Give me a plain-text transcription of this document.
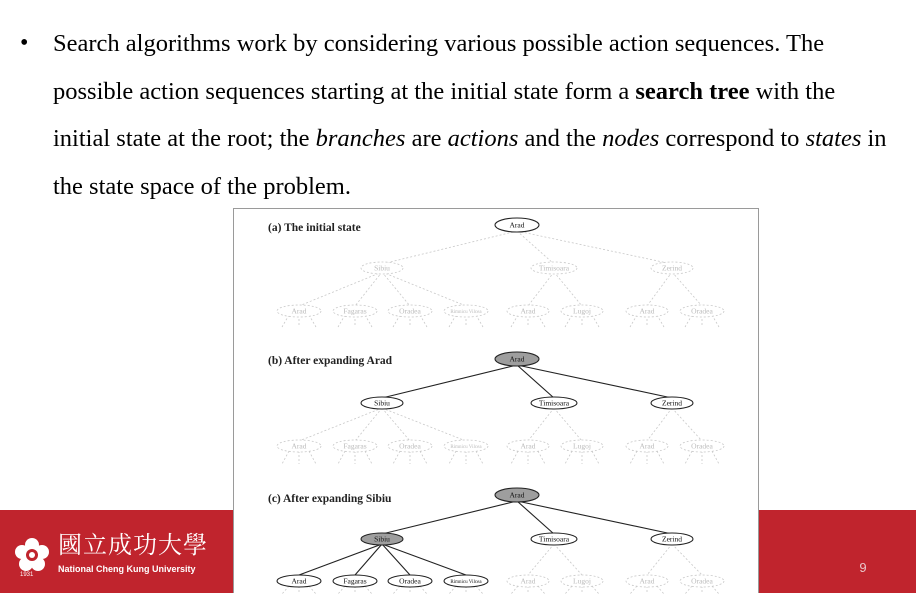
• Search algorithms work by considering various possible action sequences. The possible action sequences starting at the initial state form a search tree with the initial state at the root; the branches are actions and the nodes correspond to states in the state space of the problem.
國立成功大學
National Cheng Kung University
1931	9
(a) The initial state	Arad
Sibiu	Timisoara	Zerind
Arad	Fagaras	Oradea	Rimnicu Vilcea	Arad	Lugoj	Arad	Oradea
(b) After expanding Arad	Arad
Sibiu	Timisoara	Zerind
Arad	Fagaras	Oradea	Rimnicu Vilcea	Arad	Lugoj	Arad	Oradea
(c) After expanding Sibiu	Arad
Sibiu	Timisoara	Zerind
Arad	Fagaras	Oradea	Rimnicu Vilcea	Arad	Lugoj	Arad	Oradea
